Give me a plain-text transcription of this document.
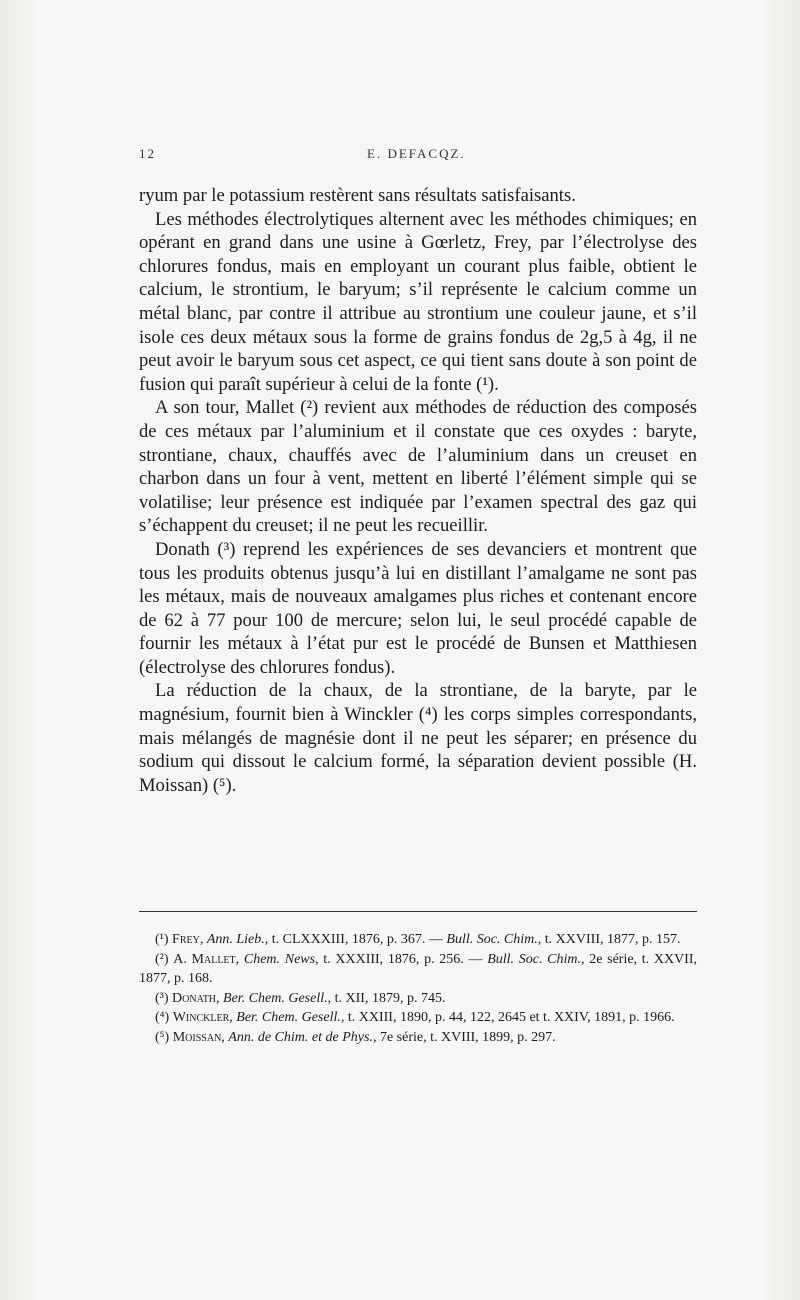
12	E. DEFACQZ.

ryum par le potassium restèrent sans résultats satisfaisants.

Les méthodes électrolytiques alternent avec les méthodes chimiques; en opérant en grand dans une usine à Gœrletz, Frey, par l’électrolyse des chlorures fondus, mais en employant un courant plus faible, obtient le calcium, le strontium, le baryum; s’il représente le calcium comme un métal blanc, par contre il attribue au strontium une couleur jaune, et s’il isole ces deux métaux sous la forme de grains fondus de 2g,5 à 4g, il ne peut avoir le baryum sous cet aspect, ce qui tient sans doute à son point de fusion qui paraît supérieur à celui de la fonte (¹).

A son tour, Mallet (²) revient aux méthodes de réduction des composés de ces métaux par l’aluminium et il constate que ces oxydes : baryte, strontiane, chaux, chauffés avec de l’aluminium dans un creuset en charbon dans un four à vent, mettent en liberté l’élément simple qui se volatilise; leur présence est indiquée par l’examen spectral des gaz qui s’échappent du creuset; il ne peut les recueillir.

Donath (³) reprend les expériences de ses devanciers et montrent que tous les produits obtenus jusqu’à lui en distillant l’amalgame ne sont pas les métaux, mais de nouveaux amalgames plus riches et contenant encore de 62 à 77 pour 100 de mercure; selon lui, le seul procédé capable de fournir les métaux à l’état pur est le procédé de Bunsen et Matthiesen (électrolyse des chlorures fondus).

La réduction de la chaux, de la strontiane, de la baryte, par le magnésium, fournit bien à Winckler (⁴) les corps simples correspondants, mais mélangés de magnésie dont il ne peut les séparer; en présence du sodium qui dissout le calcium formé, la séparation devient possible (H. Moissan) (⁵).

(¹) Frey, Ann. Lieb., t. CLXXXIII, 1876, p. 367. — Bull. Soc. Chim., t. XXVIII, 1877, p. 157.

(²) A. Mallet, Chem. News, t. XXXIII, 1876, p. 256. — Bull. Soc. Chim., 2e série, t. XXVII, 1877, p. 168.

(³) Donath, Ber. Chem. Gesell., t. XII, 1879, p. 745.

(⁴) Winckler, Ber. Chem. Gesell., t. XXIII, 1890, p. 44, 122, 2645 et t. XXIV, 1891, p. 1966.

(⁵) Moissan, Ann. de Chim. et de Phys., 7e série, t. XVIII, 1899, p. 297.
